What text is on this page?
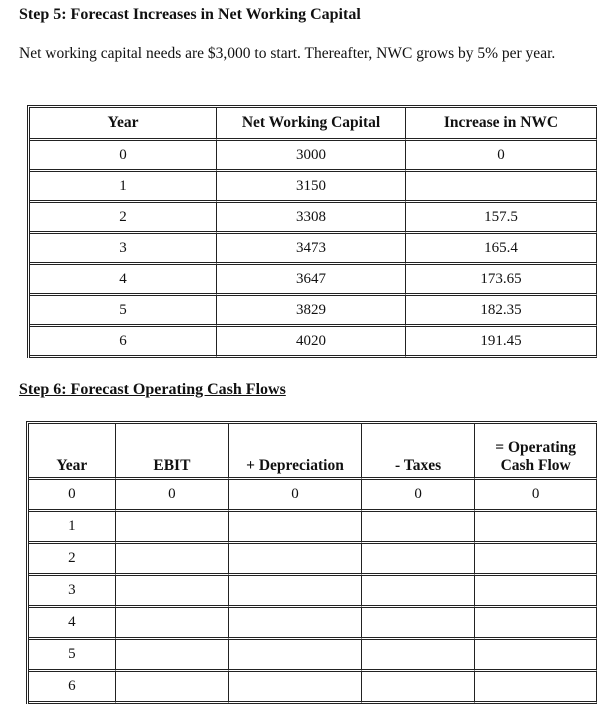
Step 5: Forecast Increases in Net Working Capital
Net working capital needs are $3,000 to start. Thereafter, NWC grows by 5% per year.
Year	Net Working Capital	Increase in NWC
0	3000	0
1	3150	
2	3308	157.5
3	3473	165.4
4	3647	173.65
5	3829	182.35
6	4020	191.45
Step 6: Forecast Operating Cash Flows
Year	EBIT	+ Depreciation	- Taxes	= Operating
Cash Flow

0	0	0	0	0
1				
2				
3				
4				
5				
6				
